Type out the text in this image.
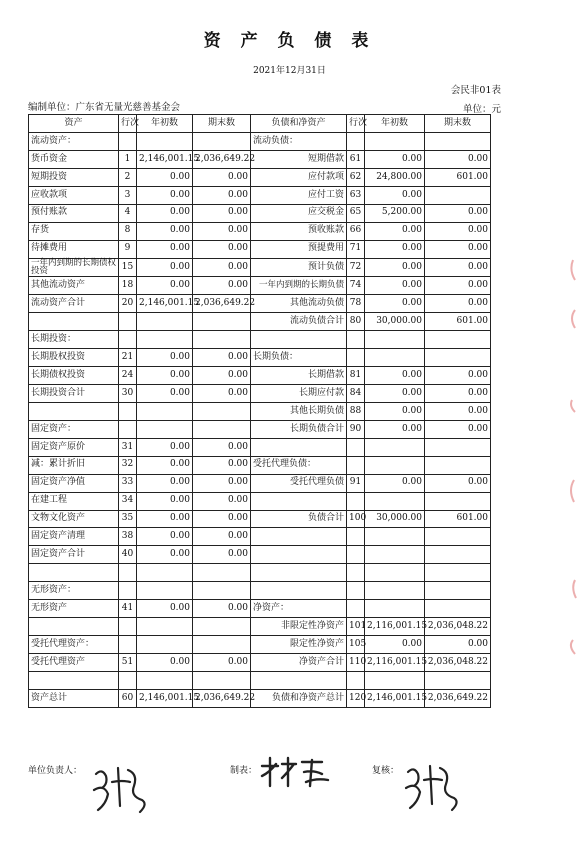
资 产 负 债 表
2021年12月31日
会民非01表
编制单位：广东省无量光慈善基金会	单位：元
资产	行次	年初数	期末数	负债和净资产	行次	年初数	期末数
流动资产：				流动负债：			
货币资金	1	2,146,001.15	2,036,649.22	短期借款	61	0.00	0.00
短期投资	2	0.00	0.00	应付款项	62	24,800.00	601.00
应收款项	3	0.00	0.00	应付工资	63	0.00	
预付账款	4	0.00	0.00	应交税金	65	5,200.00	0.00
存货	8	0.00	0.00	预收账款	66	0.00	0.00
待摊费用	9	0.00	0.00	预提费用	71	0.00	0.00
一年内到期的长期债权投资	15	0.00	0.00	预计负债	72	0.00	0.00
其他流动资产	18	0.00	0.00	一年内到期的长期负债	74	0.00	0.00
流动资产合计	20	2,146,001.15	2,036,649.22	其他流动负债	78	0.00	0.00
				流动负债合计	80	30,000.00	601.00
长期投资：							
长期股权投资	21	0.00	0.00	长期负债：			
长期债权投资	24	0.00	0.00	长期借款	81	0.00	0.00
长期投资合计	30	0.00	0.00	长期应付款	84	0.00	0.00
				其他长期负债	88	0.00	0.00
固定资产：				长期负债合计	90	0.00	0.00
固定资产原价	31	0.00	0.00				
减：累计折旧	32	0.00	0.00	受托代理负债：			
固定资产净值	33	0.00	0.00	受托代理负债	91	0.00	0.00
在建工程	34	0.00	0.00				
文物文化资产	35	0.00	0.00	负债合计	100	30,000.00	601.00
固定资产清理	38	0.00	0.00				
固定资产合计	40	0.00	0.00				

无形资产：							
无形资产	41	0.00	0.00	净资产：			
				非限定性净资产	101	2,116,001.15	2,036,048.22
受托代理资产：				限定性净资产	105	0.00	0.00
受托代理资产	51	0.00	0.00	净资产合计	110	2,116,001.15	2,036,048.22

资产总计	60	2,146,001.15	2,036,649.22	负债和净资产总计	120	2,146,001.15	2,036,649.22
单位负责人：	制表：	复核：
